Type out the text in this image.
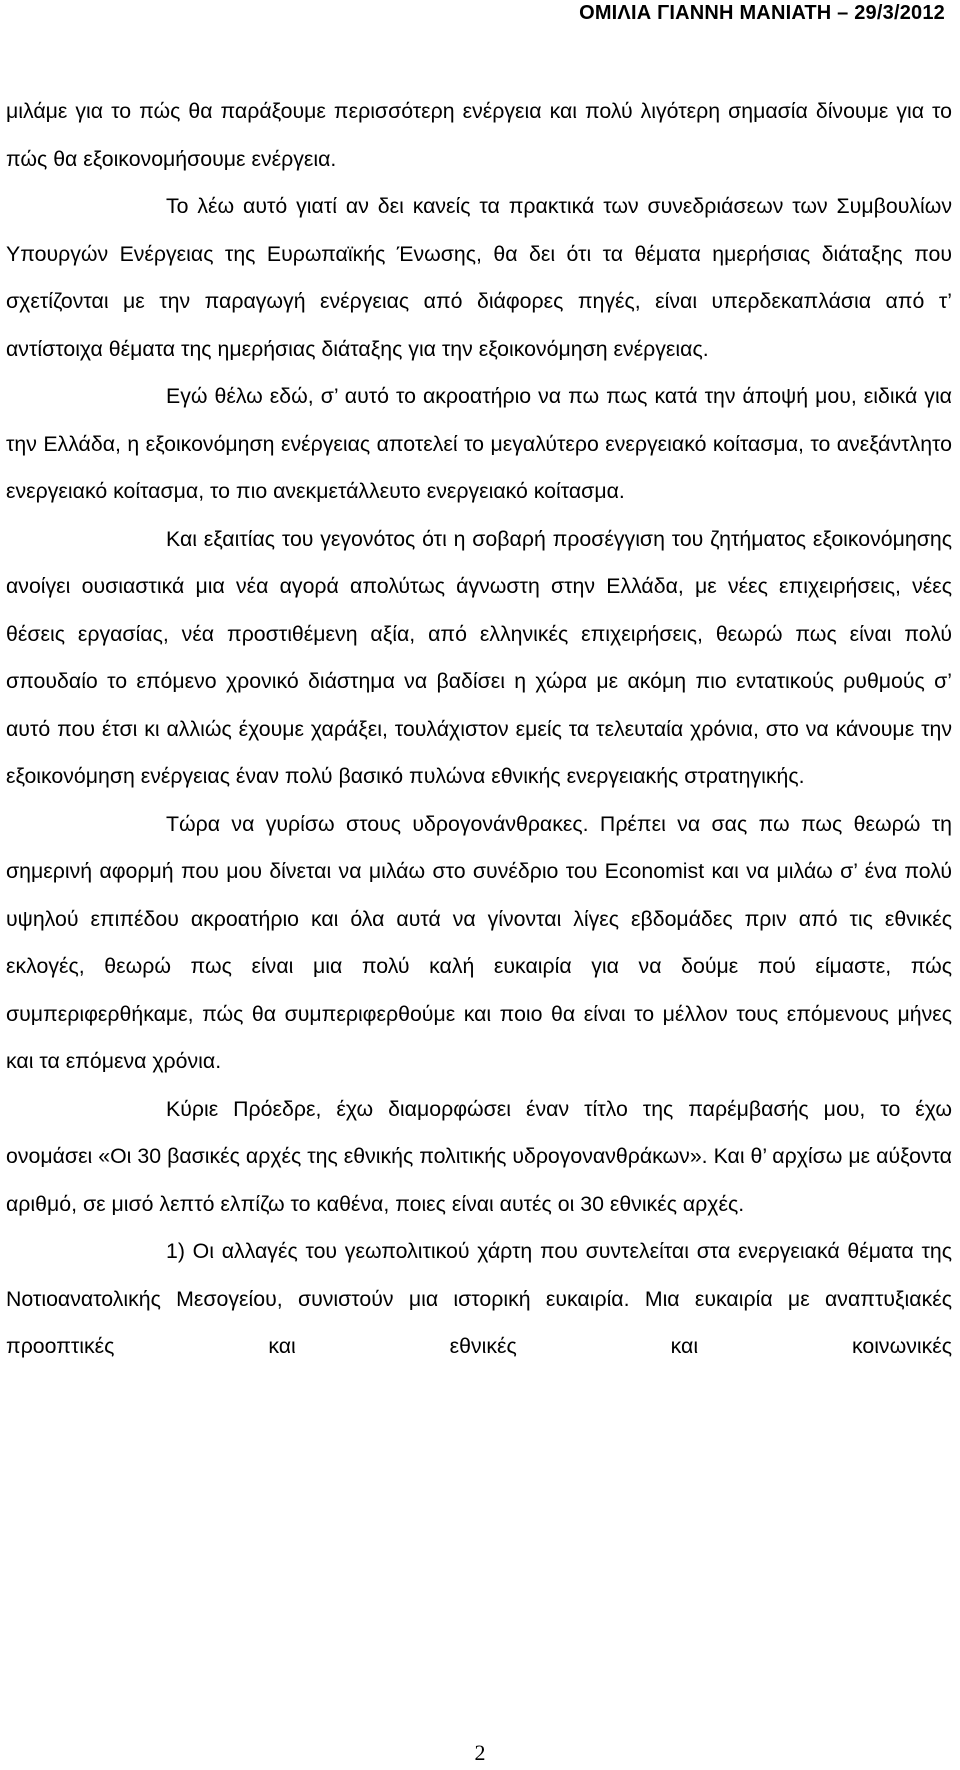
ΟΜΙΛΙΑ ΓΙΑΝΝΗ ΜΑΝΙΑΤΗ – 29/3/2012

μιλάμε για το πώς θα παράξουμε περισσότερη ενέργεια και πολύ λιγότερη σημασία δίνουμε για το πώς θα εξοικονομήσουμε ενέργεια.

Το λέω αυτό γιατί αν δει κανείς τα πρακτικά των συνεδριάσεων των Συμβουλίων Υπουργών Ενέργειας της Ευρωπαϊκής Ένωσης, θα δει ότι τα θέματα ημερήσιας διάταξης που σχετίζονται με την παραγωγή ενέργειας από διάφορες πηγές, είναι υπερδεκαπλάσια από τ’ αντίστοιχα θέματα της ημερήσιας διάταξης για την εξοικονόμηση ενέργειας.

Εγώ θέλω εδώ, σ’ αυτό το ακροατήριο να πω πως κατά την άποψή μου, ειδικά για την Ελλάδα, η εξοικονόμηση ενέργειας αποτελεί το μεγαλύτερο ενεργειακό κοίτασμα, το ανεξάντλητο ενεργειακό κοίτασμα, το πιο ανεκμετάλλευτο ενεργειακό κοίτασμα.

Και εξαιτίας του γεγονότος ότι η σοβαρή προσέγγιση του ζητήματος εξοικονόμησης ανοίγει ουσιαστικά μια νέα αγορά απολύτως άγνωστη στην Ελλάδα, με νέες επιχειρήσεις, νέες θέσεις εργασίας, νέα προστιθέμενη αξία, από ελληνικές επιχειρήσεις, θεωρώ πως είναι πολύ σπουδαίο το επόμενο χρονικό διάστημα να βαδίσει η χώρα με ακόμη πιο εντατικούς ρυθμούς σ’ αυτό που έτσι κι αλλιώς έχουμε χαράξει, τουλάχιστον εμείς τα τελευταία χρόνια, στο να κάνουμε την εξοικονόμηση ενέργειας έναν πολύ βασικό πυλώνα εθνικής ενεργειακής στρατηγικής.

Τώρα να γυρίσω στους υδρογονάνθρακες. Πρέπει να σας πω πως θεωρώ τη σημερινή αφορμή που μου δίνεται να μιλάω στο συνέδριο του Economist και να μιλάω σ’ ένα πολύ υψηλού επιπέδου ακροατήριο και όλα αυτά να γίνονται λίγες εβδομάδες πριν από τις εθνικές εκλογές, θεωρώ πως είναι μια πολύ καλή ευκαιρία για να δούμε πού είμαστε, πώς συμπεριφερθήκαμε, πώς θα συμπεριφερθούμε και ποιο θα είναι το μέλλον τους επόμενους μήνες και τα επόμενα χρόνια.

Κύριε Πρόεδρε, έχω διαμορφώσει έναν τίτλο της παρέμβασής μου, το έχω ονομάσει «Οι 30 βασικές αρχές της εθνικής πολιτικής υδρογονανθράκων». Και θ’ αρχίσω με αύξοντα αριθμό, σε μισό λεπτό ελπίζω το καθένα, ποιες είναι αυτές οι 30 εθνικές αρχές.

1) Οι αλλαγές του γεωπολιτικού χάρτη που συντελείται στα ενεργειακά θέματα της Νοτιοανατολικής Μεσογείου, συνιστούν μια ιστορική ευκαιρία. Μια ευκαιρία με αναπτυξιακές προοπτικές και εθνικές και κοινωνικές

2
